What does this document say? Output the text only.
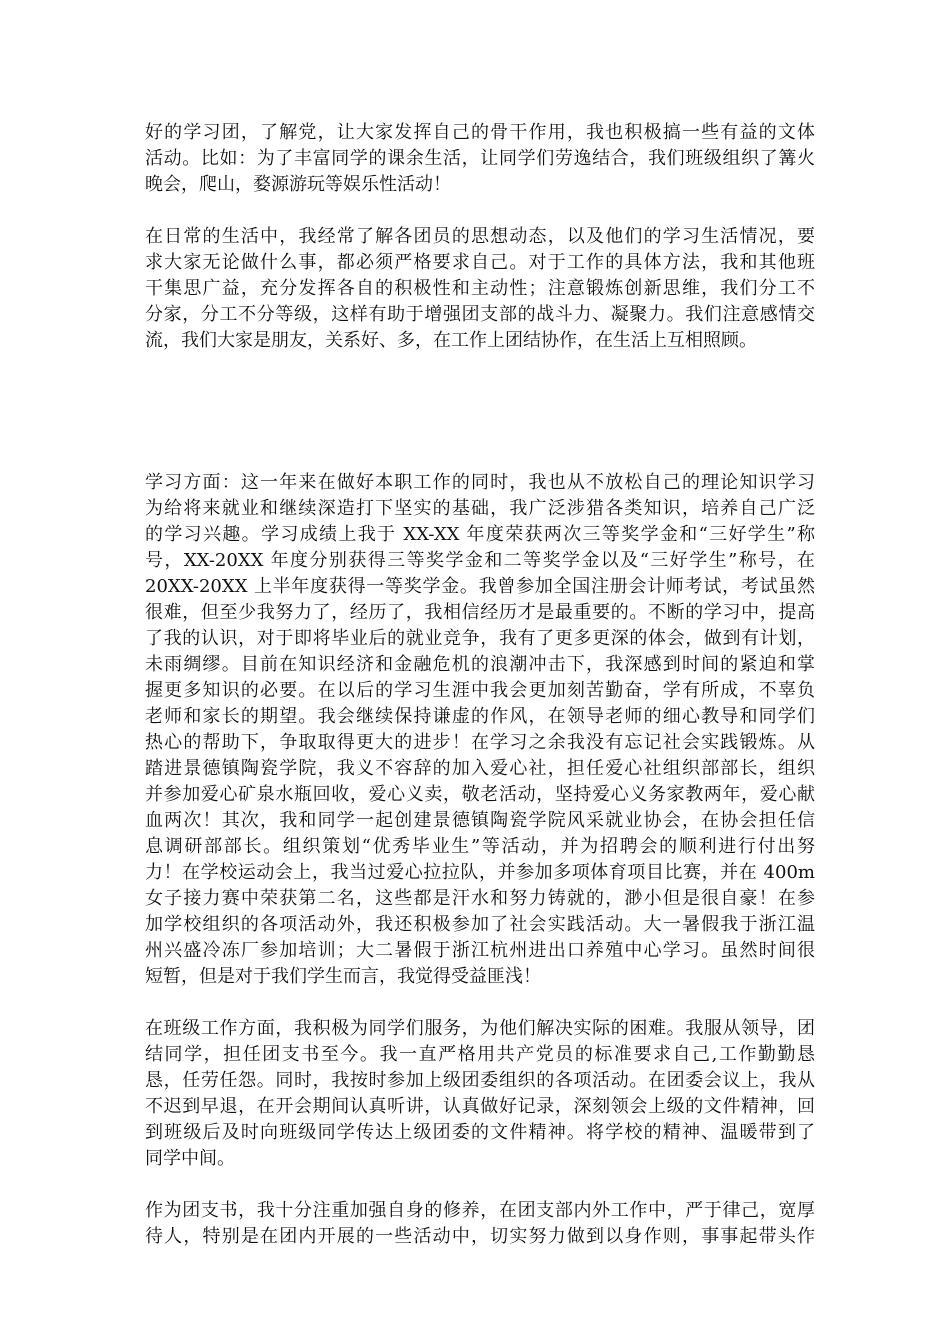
好的学习团，了解党，让大家发挥自己的骨干作用，我也积极搞一些有益的文体
活动。比如：为了丰富同学的课余生活，让同学们劳逸结合，我们班级组织了篝火
晚会，爬山，婺源游玩等娱乐性活动！
在日常的生活中，我经常了解各团员的思想动态，以及他们的学习生活情况，要
求大家无论做什么事，都必须严格要求自己。对于工作的具体方法，我和其他班
干集思广益，充分发挥各自的积极性和主动性；注意锻炼创新思维，我们分工不
分家，分工不分等级，这样有助于增强团支部的战斗力、凝聚力。我们注意感情交
流，我们大家是朋友，关系好、多，在工作上团结协作，在生活上互相照顾。
学习方面：这一年来在做好本职工作的同时，我也从不放松自己的理论知识学习
为给将来就业和继续深造打下坚实的基础，我广泛涉猎各类知识，培养自己广泛
的学习兴趣。学习成绩上我于 XX-XX 年度荣获两次三等奖学金和“三好学生”称
号，XX-20XX 年度分别获得三等奖学金和二等奖学金以及“三好学生”称号，在
20XX-20XX 上半年度获得一等奖学金。我曾参加全国注册会计师考试，考试虽然
很难，但至少我努力了，经历了，我相信经历才是最重要的。不断的学习中，提高
了我的认识，对于即将毕业后的就业竞争，我有了更多更深的体会，做到有计划，
未雨绸缪。目前在知识经济和金融危机的浪潮冲击下，我深感到时间的紧迫和掌
握更多知识的必要。在以后的学习生涯中我会更加刻苦勤奋，学有所成，不辜负
老师和家长的期望。我会继续保持谦虚的作风，在领导老师的细心教导和同学们
热心的帮助下，争取取得更大的进步！在学习之余我没有忘记社会实践锻炼。从
踏进景德镇陶瓷学院，我义不容辞的加入爱心社，担任爱心社组织部部长，组织
并参加爱心矿泉水瓶回收，爱心义卖，敬老活动，坚持爱心义务家教两年，爱心献
血两次！其次，我和同学一起创建景德镇陶瓷学院风采就业协会，在协会担任信
息调研部部长。组织策划“优秀毕业生”等活动，并为招聘会的顺利进行付出努
力！在学校运动会上，我当过爱心拉拉队，并参加多项体育项目比赛，并在 400m
女子接力赛中荣获第二名，这些都是汗水和努力铸就的，渺小但是很自豪！在参
加学校组织的各项活动外，我还积极参加了社会实践活动。大一暑假我于浙江温
州兴盛冷冻厂参加培训；大二暑假于浙江杭州进出口养殖中心学习。虽然时间很
短暂，但是对于我们学生而言，我觉得受益匪浅！
在班级工作方面，我积极为同学们服务，为他们解决实际的困难。我服从领导，团
结同学，担任团支书至今。我一直严格用共产党员的标准要求自己,工作勤勤恳
恳，任劳任怨。同时，我按时参加上级团委组织的各项活动。在团委会议上，我从
不迟到早退，在开会期间认真听讲，认真做好记录，深刻领会上级的文件精神，回
到班级后及时向班级同学传达上级团委的文件精神。将学校的精神、温暖带到了
同学中间。
作为团支书，我十分注重加强自身的修养，在团支部内外工作中，严于律己，宽厚
待人，特别是在团内开展的一些活动中，切实努力做到以身作则，事事起带头作
